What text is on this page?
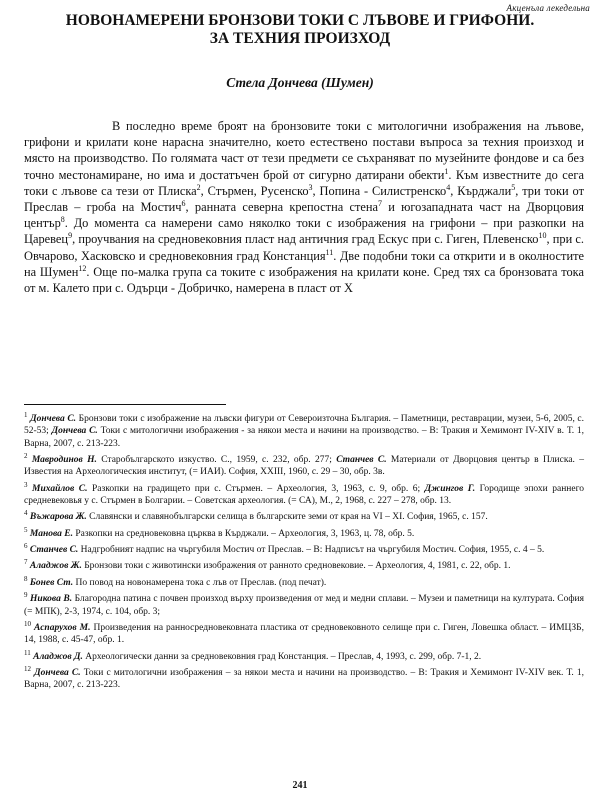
Акценъла лекедельна
НОВОНАМЕРЕНИ БРОНЗОВИ ТОКИ С ЛЪВОВЕ И ГРИФОНИ.
ЗА ТЕХНИЯ ПРОИЗХОД

Стела Дончева (Шумен)

В последно време броят на бронзовите токи с митологични изображения на лъвове, грифони и крилати коне нарасна значително, което естествено постави въпроса за техния произход и място на производство. По голямата част от тези предмети се съхраняват по музейните фондове и са без точно местонамиране, но има и достатъчен брой от сигурно датирани обекти$^1$. Към известните до сега токи с лъвове са тези от Плиска$^2$, Стърмен, Русенско$^3$, Попина - Силистренско$^4$, Кърджали$^5$, три токи от Преслав – гроба на Мостич$^6$, ранната северна крепостна стена$^7$ и югозападната част на Дворцовия център$^8$. До момента са намерени само няколко токи с изображения на грифони – при разкопки на Царевец$^9$, проучвания на средновековния пласт над античния град Ескус при с. Гиген, Плевенско$^{10}$, при с. Овчарово, Хасковско и средновековния град Констанция$^{11}$. Две подобни токи са открити и в околностите на Шумен$^{12}$. Още по-малка група са токите с изображения на крилати коне. Сред тях са бронзовата тока от м. Калето при с. Одърци - Добричко, намерена в пласт от X

$^1$ Дончева С. Бронзови токи с изображение на лъвски фигури от Североизточна България. – Паметници, реставрации, музеи, 5-6, 2005, с. 52-53; Дончева С. Токи с митологични изображения - за някои места и начини на производство. – В: Тракия и Хемимонт IV-XIV в. Т. 1, Варна, 2007, с. 213-223.

$^2$ Мавродинов Н. Старобългарското изкуство. С., 1959, с. 232, обр. 277; Станчев С. Материали от Дворцовия център в Плиска. – Известия на Археологическия институт, (= ИАИ). София, XXIII, 1960, с. 29 – 30, обр. 3в.

$^3$ Михайлов С. Разкопки на градището при с. Стърмен. – Археология, 3, 1963, с. 9, обр. 6; Джингов Г. Городище эпохи раннего средневековья у с. Стърмен в Болгарии. – Советская археология. (= СА), М., 2, 1968, с. 227 – 278, обр. 13.

$^4$ Въжарова Ж. Славянски и славянобългарски селища в българските земи от края на VI – XI. София, 1965, с. 157.

$^5$ Манова Е. Разкопки на средновековна църква в Кърджали. – Археология, 3, 1963, ц. 78, обр. 5.

$^6$ Станчев С. Надгробният надпис на чъргубиля Мостич от Преслав. – В: Надписът на чъргубиля Мостич. София, 1955, с. 4 – 5.

$^7$ Аладжов Ж. Бронзови токи с животински изображения от ранното средновековие. – Археология, 4, 1981, с. 22, обр. 1.

$^8$ Бонев Ст. По повод на новонамерена тока с лъв от Преслав. (под печат).

$^9$ Никова В. Благородна патина с почвен произход върху произведения от мед и медни сплави. – Музеи и паметници на културата. София (= МПК), 2-3, 1974, с. 104, обр. 3;

$^{10}$ Аспарухов М. Произведения на ранносредновековната пластика от средновековното селище при с. Гиген, Ловешка област. – ИМЦЗБ, 14, 1988, с. 45-47, обр. 1.

$^{11}$ Аладжов Д. Археологически данни за средновековния град Констанция. – Преслав, 4, 1993, с. 299, обр. 7-1, 2.

$^{12}$ Дончева С. Токи с митологични изображения – за някои места и начини на производство. – В: Тракия и Хемимонт IV-XIV век. Т. 1, Варна, 2007, с. 213-223.

241
